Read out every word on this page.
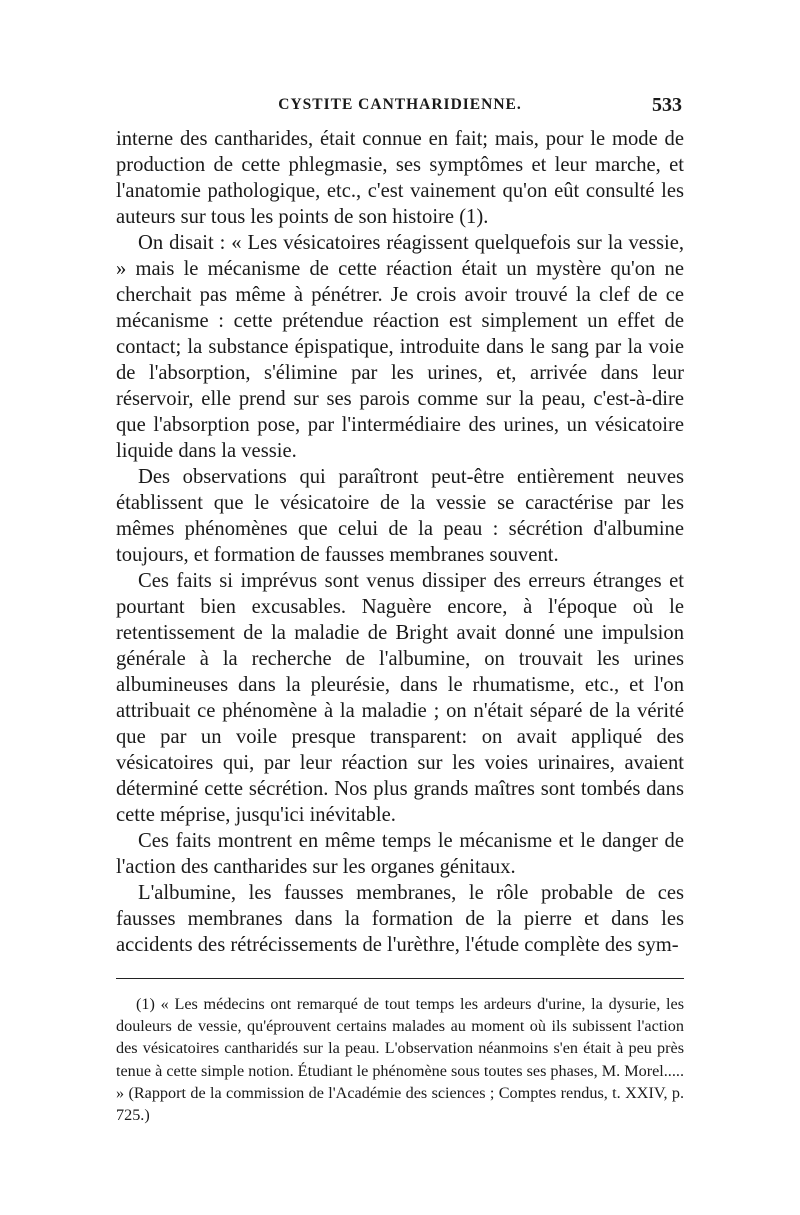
CYSTITE CANTHARIDIENNE.	533

interne des cantharides, était connue en fait; mais, pour le mode de production de cette phlegmasie, ses symptômes et leur marche, et l'anatomie pathologique, etc., c'est vainement qu'on eût consulté les auteurs sur tous les points de son histoire (1).

On disait : « Les vésicatoires réagissent quelquefois sur la vessie, » mais le mécanisme de cette réaction était un mystère qu'on ne cherchait pas même à pénétrer. Je crois avoir trouvé la clef de ce mécanisme : cette prétendue réaction est simplement un effet de contact; la substance épispatique, introduite dans le sang par la voie de l'absorption, s'élimine par les urines, et, arrivée dans leur réservoir, elle prend sur ses parois comme sur la peau, c'est-à-dire que l'absorption pose, par l'intermédiaire des urines, un vésicatoire liquide dans la vessie.

Des observations qui paraîtront peut-être entièrement neuves établissent que le vésicatoire de la vessie se caractérise par les mêmes phénomènes que celui de la peau : sécrétion d'albumine toujours, et formation de fausses membranes souvent.

Ces faits si imprévus sont venus dissiper des erreurs étranges et pourtant bien excusables. Naguère encore, à l'époque où le retentissement de la maladie de Bright avait donné une impulsion générale à la recherche de l'albumine, on trouvait les urines albumineuses dans la pleurésie, dans le rhumatisme, etc., et l'on attribuait ce phénomène à la maladie ; on n'était séparé de la vérité que par un voile presque transparent: on avait appliqué des vésicatoires qui, par leur réaction sur les voies urinaires, avaient déterminé cette sécrétion. Nos plus grands maîtres sont tombés dans cette méprise, jusqu'ici inévitable.

Ces faits montrent en même temps le mécanisme et le danger de l'action des cantharides sur les organes génitaux.

L'albumine, les fausses membranes, le rôle probable de ces fausses membranes dans la formation de la pierre et dans les accidents des rétrécissements de l'urèthre, l'étude complète des sym-

(1) « Les médecins ont remarqué de tout temps les ardeurs d'urine, la dysurie, les douleurs de vessie, qu'éprouvent certains malades au moment où ils subissent l'action des vésicatoires cantharidés sur la peau. L'observation néanmoins s'en était à peu près tenue à cette simple notion. Étudiant le phénomène sous toutes ses phases, M. Morel..... » (Rapport de la commission de l'Académie des sciences ; Comptes rendus, t. XXIV, p. 725.)
